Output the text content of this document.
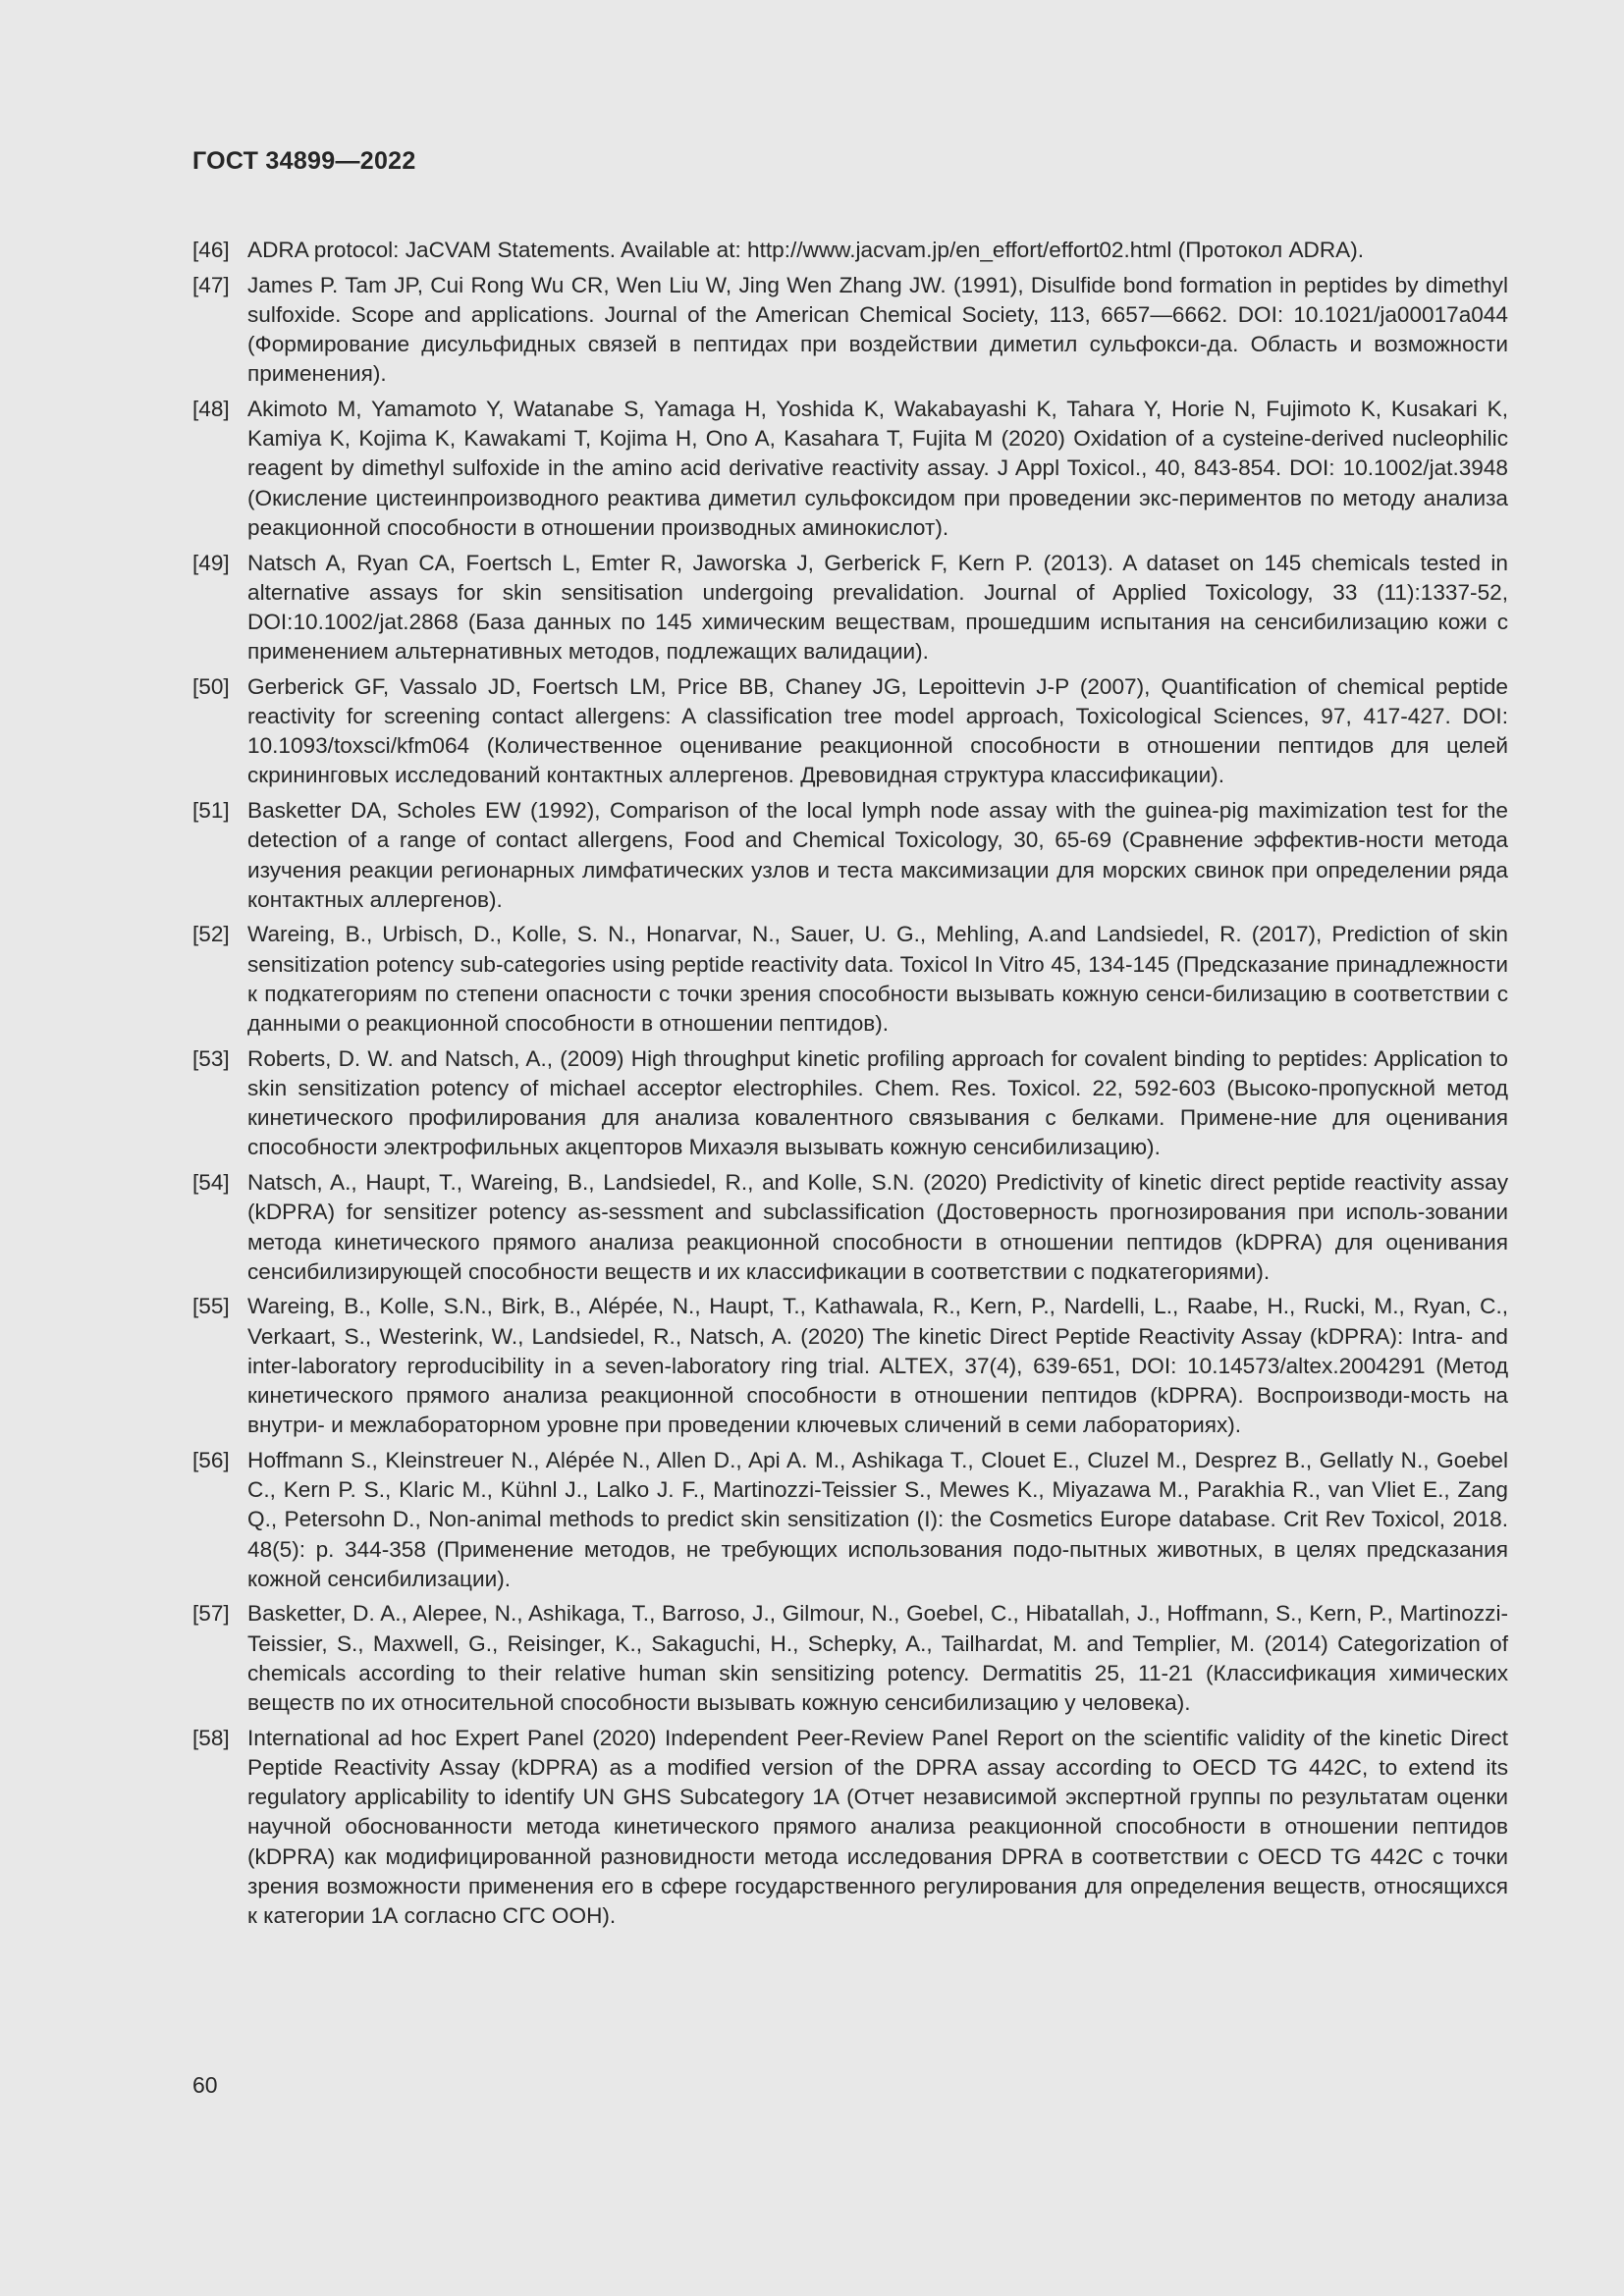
ГОСТ 34899—2022
[46] ADRA protocol: JaCVAM Statements. Available at: http://www.jacvam.jp/en_effort/effort02.html (Протокол ADRA).
[47] James P. Tam JP, Cui Rong Wu CR, Wen Liu W, Jing Wen Zhang JW. (1991), Disulfide bond formation in peptides by dimethyl sulfoxide. Scope and applications. Journal of the American Chemical Society, 113, 6657—6662. DOI: 10.1021/ja00017a044 (Формирование дисульфидных связей в пептидах при воздействии диметил сульфокси-да. Область и возможности применения).
[48] Akimoto M, Yamamoto Y, Watanabe S, Yamaga H, Yoshida K, Wakabayashi K, Tahara Y, Horie N, Fujimoto K, Kusakari K, Kamiya K, Kojima K, Kawakami T, Kojima H, Ono A, Kasahara T, Fujita M (2020) Oxidation of a cysteine-derived nucleophilic reagent by dimethyl sulfoxide in the amino acid derivative reactivity assay. J Appl Toxicol., 40, 843-854. DOI: 10.1002/jat.3948 (Окисление цистеинпроизводного реактива диметил сульфоксидом при проведении экс-периментов по методу анализа реакционной способности в отношении производных аминокислот).
[49] Natsch A, Ryan CA, Foertsch L, Emter R, Jaworska J, Gerberick F, Kern P. (2013). A dataset on 145 chemicals tested in alternative assays for skin sensitisation undergoing prevalidation. Journal of Applied Toxicology, 33 (11):1337-52, DOI:10.1002/jat.2868 (База данных по 145 химическим веществам, прошедшим испытания на сенсибилизацию кожи с применением альтернативных методов, подлежащих валидации).
[50] Gerberick GF, Vassalo JD, Foertsch LM, Price BB, Chaney JG, Lepoittevin J-P (2007), Quantification of chemical peptide reactivity for screening contact allergens: A classification tree model approach, Toxicological Sciences, 97, 417-427. DOI: 10.1093/toxsci/kfm064 (Количественное оценивание реакционной способности в отношении пептидов для целей скрининговых исследований контактных аллергенов. Древовидная структура классификации).
[51] Basketter DA, Scholes EW (1992), Comparison of the local lymph node assay with the guinea-pig maximization test for the detection of a range of contact allergens, Food and Chemical Toxicology, 30, 65-69 (Сравнение эффектив-ности метода изучения реакции регионарных лимфатических узлов и теста максимизации для морских свинок при определении ряда контактных аллергенов).
[52] Wareing, B., Urbisch, D., Kolle, S. N., Honarvar, N., Sauer, U. G., Mehling, A.and Landsiedel, R. (2017), Prediction of skin sensitization potency sub-categories using peptide reactivity data. Toxicol In Vitro 45, 134-145 (Предсказание принадлежности к подкатегориям по степени опасности с точки зрения способности вызывать кожную сенси-билизацию в соответствии с данными о реакционной способности в отношении пептидов).
[53] Roberts, D. W. and Natsch, A., (2009) High throughput kinetic profiling approach for covalent binding to peptides: Application to skin sensitization potency of michael acceptor electrophiles. Chem. Res. Toxicol. 22, 592-603 (Высоко-пропускной метод кинетического профилирования для анализа ковалентного связывания с белками. Примене-ние для оценивания способности электрофильных акцепторов Михаэля вызывать кожную сенсибилизацию).
[54] Natsch, A., Haupt, T., Wareing, B., Landsiedel, R., and Kolle, S.N. (2020) Predictivity of kinetic direct peptide reactivity assay (kDPRA) for sensitizer potency as-sessment and subclassification (Достоверность прогнозирования при исполь-зовании метода кинетического прямого анализа реакционной способности в отношении пептидов (kDPRA) для оценивания сенсибилизирующей способности веществ и их классификации в соответствии с подкатегориями).
[55] Wareing, B., Kolle, S.N., Birk, B., Alépée, N., Haupt, T., Kathawala, R., Kern, P., Nardelli, L., Raabe, H., Rucki, M., Ryan, C., Verkaart, S., Westerink, W., Landsiedel, R., Natsch, A. (2020) The kinetic Direct Peptide Reactivity Assay (kDPRA): Intra- and inter-laboratory reproducibility in a seven-laboratory ring trial. ALTEX, 37(4), 639-651, DOI: 10.14573/altex.2004291 (Метод кинетического прямого анализа реакционной способности в отношении пептидов (kDPRA). Воспроизводи-мость на внутри- и межлабораторном уровне при проведении ключевых сличений в семи лабораториях).
[56] Hoffmann S., Kleinstreuer N., Alépée N., Allen D., Api A. M., Ashikaga T., Clouet E., Cluzel M., Desprez B., Gellatly N., Goebel C., Kern P. S., Klaric M., Kühnl J., Lalko J. F., Martinozzi-Teissier S., Mewes K., Miyazawa M., Parakhia R., van Vliet E., Zang Q., Petersohn D., Non-animal methods to predict skin sensitization (I): the Cosmetics Europe database. Crit Rev Toxicol, 2018. 48(5): p. 344-358 (Применение методов, не требующих использования подо-пытных животных, в целях предсказания кожной сенсибилизации).
[57] Basketter, D. A., Alepee, N., Ashikaga, T., Barroso, J., Gilmour, N., Goebel, C., Hibatallah, J., Hoffmann, S., Kern, P., Martinozzi-Teissier, S., Maxwell, G., Reisinger, K., Sakaguchi, H., Schepky, A., Tailhardat, M. and Templier, M. (2014) Categorization of chemicals according to their relative human skin sensitizing potency. Dermatitis 25, 11-21 (Классификация химических веществ по их относительной способности вызывать кожную сенсибилизацию у человека).
[58] International ad hoc Expert Panel (2020) Independent Peer-Review Panel Report on the scientific validity of the kinetic Direct Peptide Reactivity Assay (kDPRA) as a modified version of the DPRA assay according to OECD TG 442C, to extend its regulatory applicability to identify UN GHS Subcategory 1A (Отчет независимой экспертной группы по результатам оценки научной обоснованности метода кинетического прямого анализа реакционной способности в отношении пептидов (kDPRA) как модифицированной разновидности метода исследования DPRA в соответствии с OECD TG 442C с точки зрения возможности применения его в сфере государственного регулирования для определения веществ, относящихся к категории 1А согласно СГС ООН).
60
